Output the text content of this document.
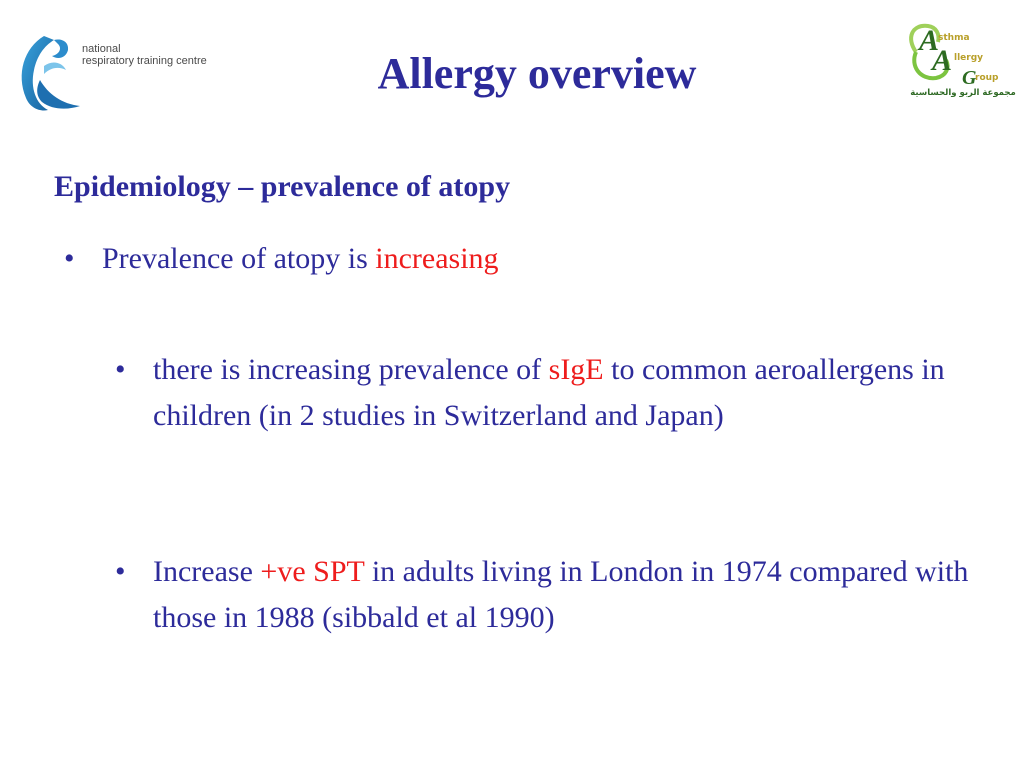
national
respiratory training centre
A
sthma
A llergy
G
roup
مجموعة الربو والحساسية
Allergy overview
Epidemiology – prevalence of atopy
• Prevalence of atopy is increasing
• there is increasing prevalence of sIgE to common aeroallergens in children (in 2 studies in Switzerland and Japan)
• Increase +ve SPT in adults living in London in 1974 compared with those in 1988 (sibbald et al 1990)
